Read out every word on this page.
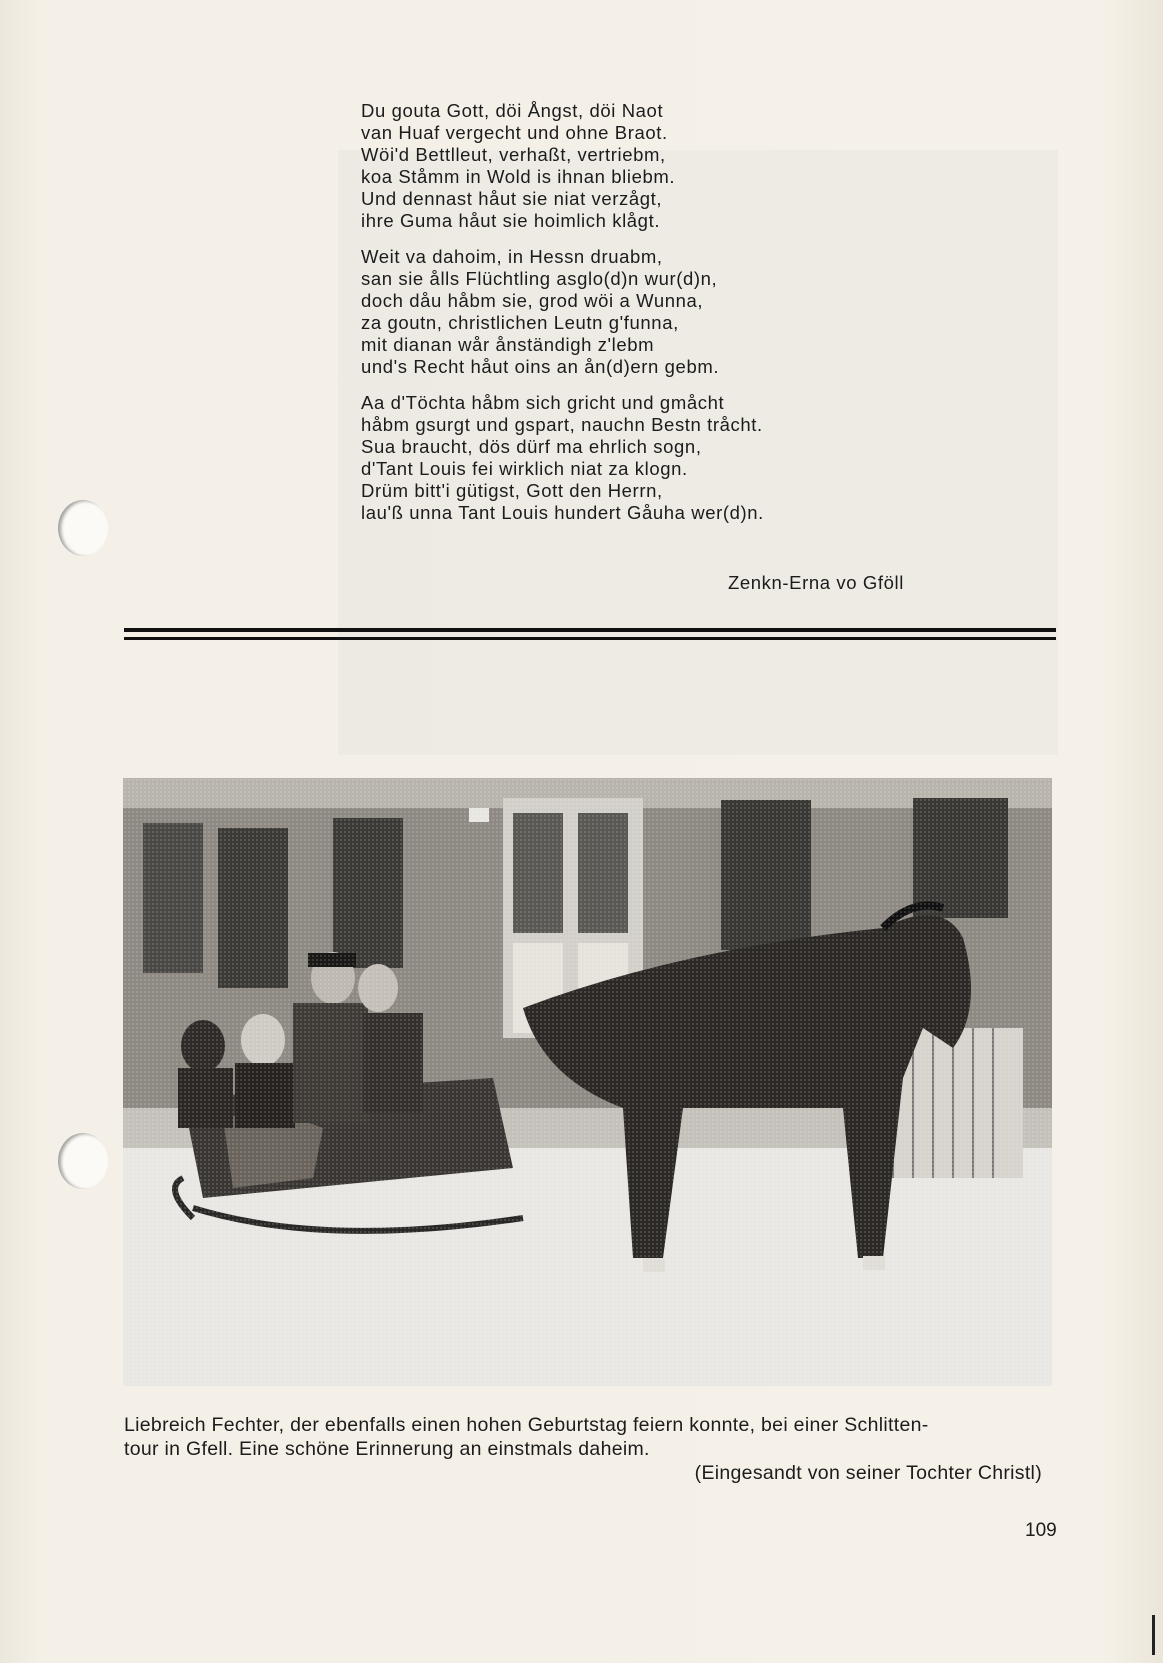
Du gouta Gott, döi Ångst, döi Naot
van Huaf vergecht und ohne Braot.
Wöi'd Bettlleut, verhaßt, vertriebm,
koa Ståmm in Wold is ihnan bliebm.
Und dennast håut sie niat verzågt,
ihre Guma håut sie hoimlich klågt.
Weit va dahoim, in Hessn druabm,
san sie ålls Flüchtling asglo(d)n wur(d)n,
doch dåu håbm sie, grod wöi a Wunna,
za goutn, christlichen Leutn g'funna,
mit dianan wår ånständigh z'lebm
und's Recht håut oins an ån(d)ern gebm.
Aa d'Töchta håbm sich gricht und gmåcht
håbm gsurgt und gspart, nauchn Bestn tråcht.
Sua braucht, dös dürf ma ehrlich sogn,
d'Tant Louis fei wirklich niat za klogn.
Drüm bitt'i gütigst, Gott den Herrn,
lau'ß unna Tant Louis hundert Gåuha wer(d)n.
Zenkn-Erna vo Gföll
Liebreich Fechter, der ebenfalls einen hohen Geburtstag feiern konnte, bei einer Schlitten-
tour in Gfell. Eine schöne Erinnerung an einstmals daheim.
(Eingesandt von seiner Tochter Christl)
109
